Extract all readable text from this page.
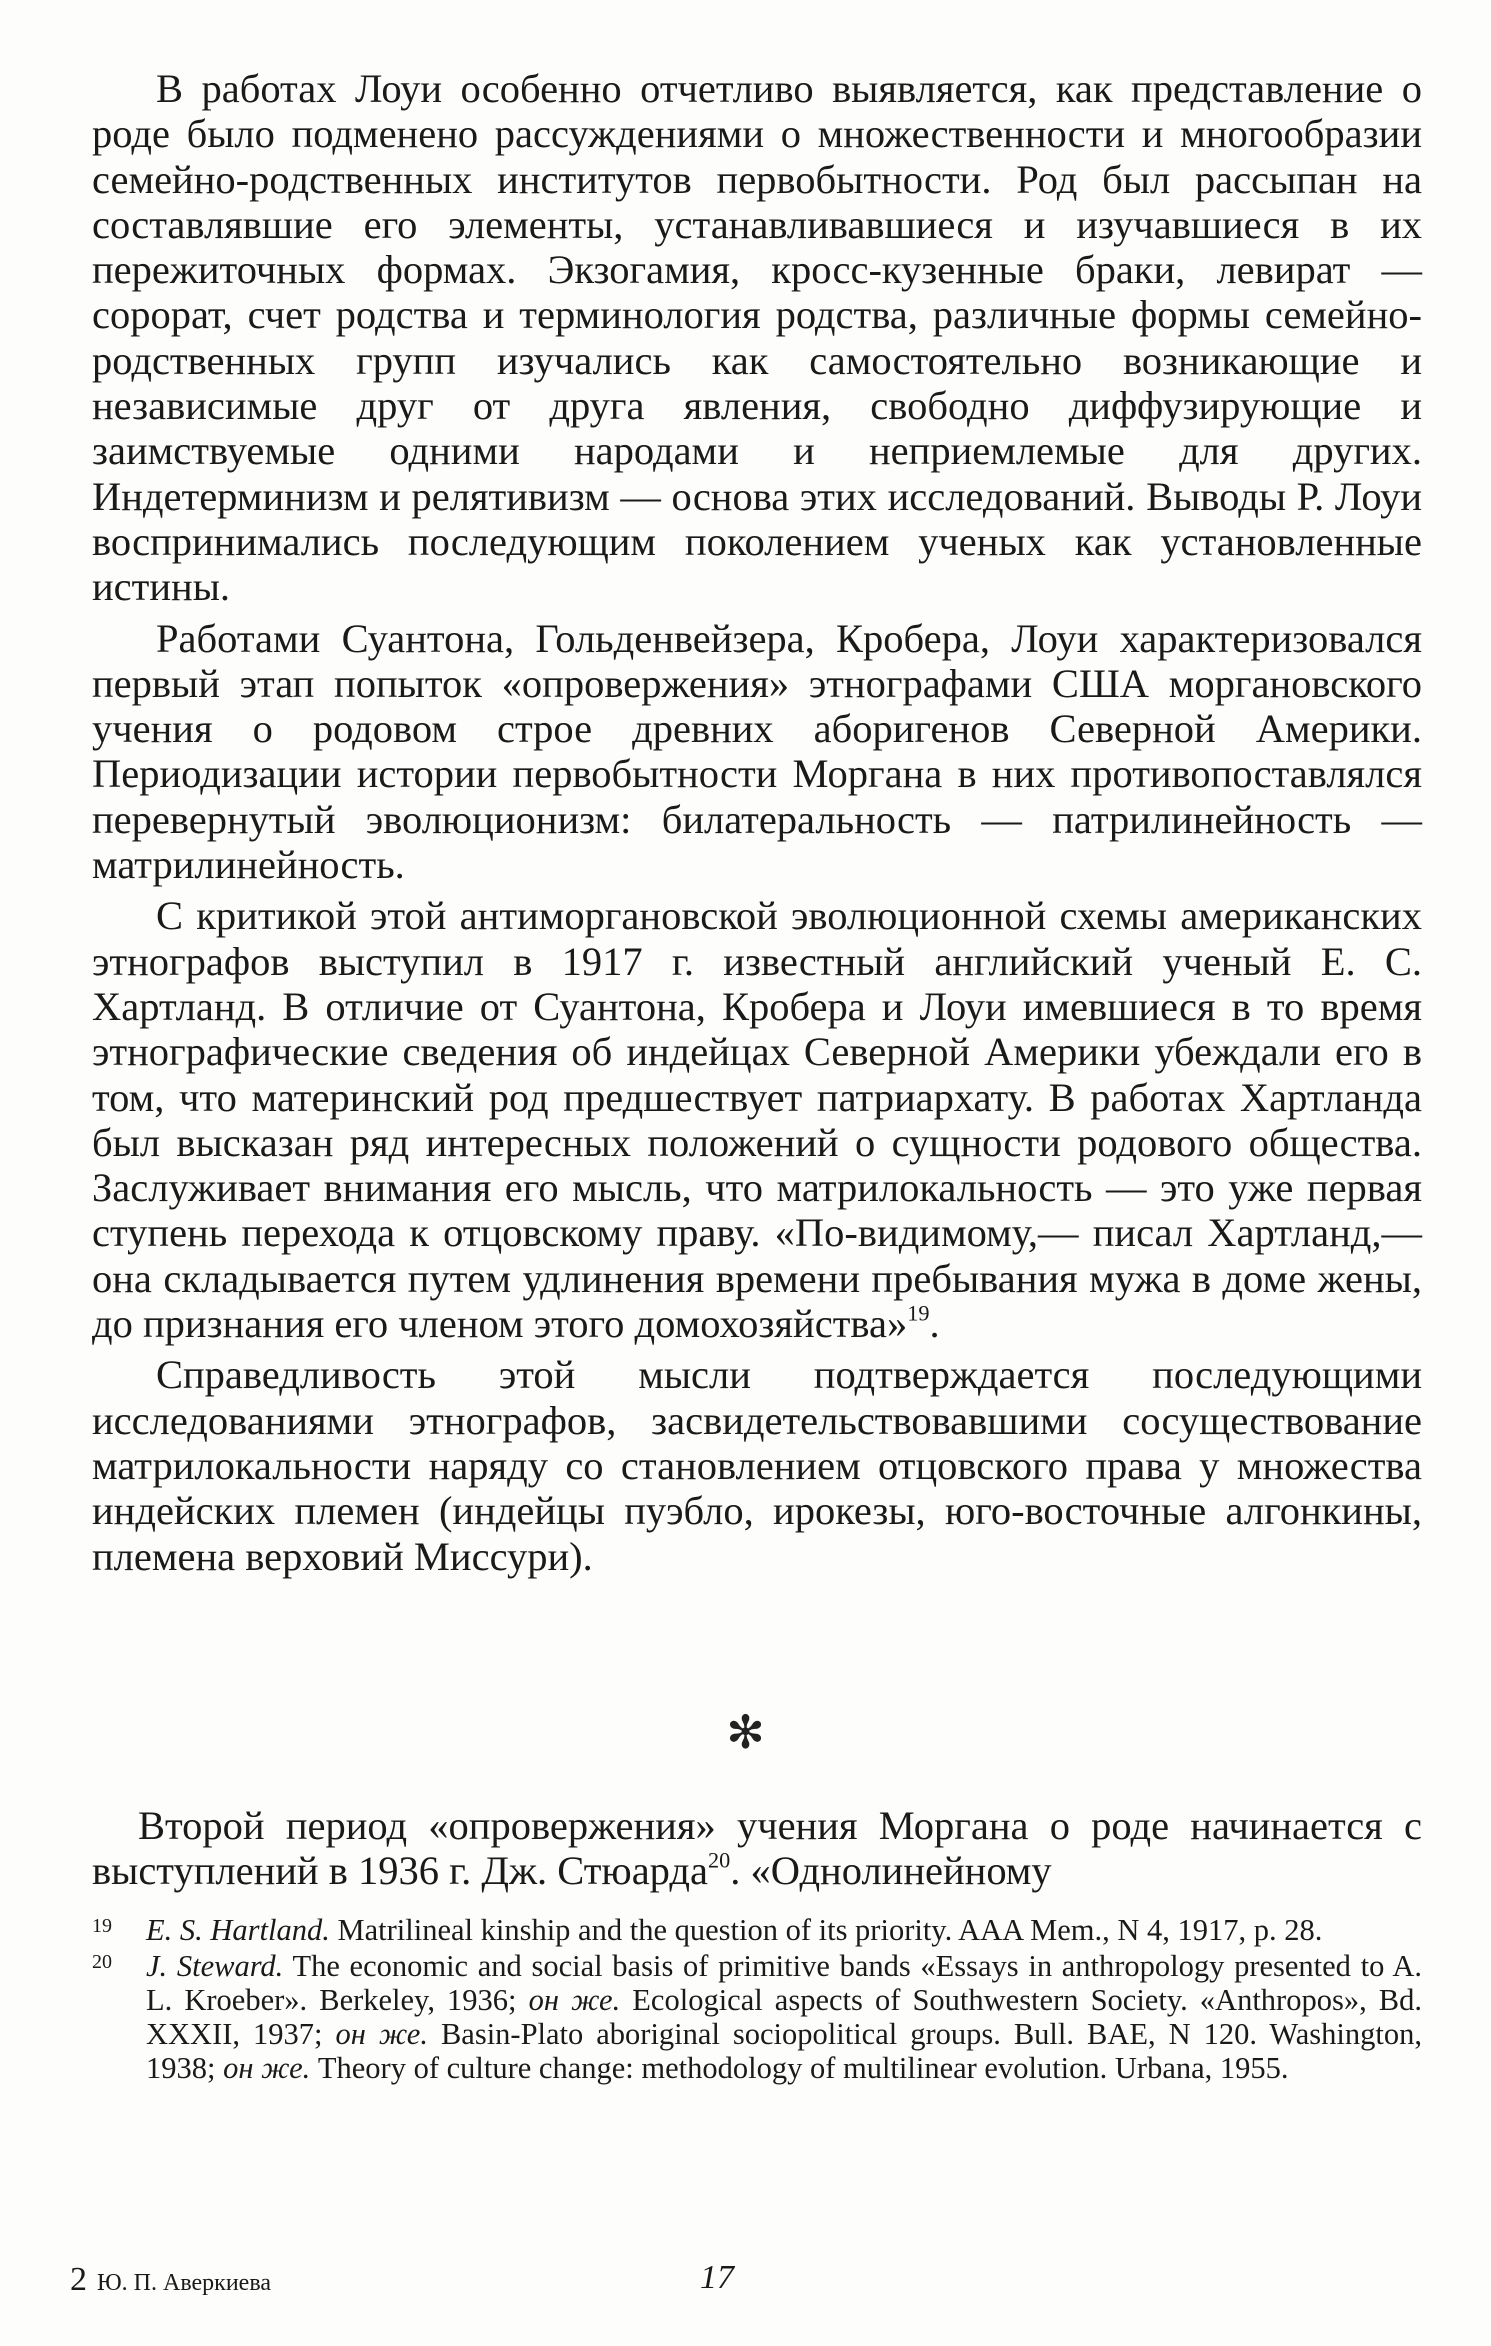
В работах Лоуи особенно отчетливо выявляется, как представление о роде было подменено рассуждениями о множественности и многообразии семейно-родственных институтов первобытности. Род был рассыпан на составлявшие его элементы, устанавливавшиеся и изучавшиеся в их пережиточных формах. Экзогамия, кросс-кузенные браки, левират — сорорат, счет родства и терминология родства, различные формы семейно-родственных групп изучались как самостоятельно возникающие и независимые друг от друга явления, свободно диффузирующие и заимствуемые одними народами и неприемлемые для других. Индетерминизм и релятивизм — основа этих исследований. Выводы Р. Лоуи воспринимались последующим поколением ученых как установленные истины.

Работами Суантона, Гольденвейзера, Кробера, Лоуи характеризовался первый этап попыток «опровержения» этнографами США моргановского учения о родовом строе древних аборигенов Северной Америки. Периодизации истории первобытности Моргана в них противопоставлялся перевернутый эволюционизм: билатеральность — патрилинейность — матрилинейность.

С критикой этой антиморгановской эволюционной схемы американских этнографов выступил в 1917 г. известный английский ученый Е. С. Хартланд. В отличие от Суантона, Кробера и Лоуи имевшиеся в то время этнографические сведения об индейцах Северной Америки убеждали его в том, что материнский род предшествует патриархату. В работах Хартланда был высказан ряд интересных положений о сущности родового общества. Заслуживает внимания его мысль, что матрилокальность — это уже первая ступень перехода к отцовскому праву. «По-видимому,— писал Хартланд,— она складывается путем удлинения времени пребывания мужа в доме жены, до признания его членом этого домохозяйства»$^{19}$.

Справедливость этой мысли подтверждается последующими исследованиями этнографов, засвидетельствовавшими сосуществование матрилокальности наряду со становлением отцовского права у множества индейских племен (индейцы пуэбло, ирокезы, юго-восточные алгонкины, племена верховий Миссури).

✻

Второй период «опровержения» учения Моргана о роде начинается с выступлений в 1936 г. Дж. Стюарда$^{20}$. «Однолинейному

19 E. S. Hartland. Matrilineal kinship and the question of its priority. AAA Mem., N 4, 1917, p. 28.

20 J. Steward. The economic and social basis of primitive bands «Essays in anthropology presented to A. L. Kroeber». Berkeley, 1936; он же. Ecological aspects of Southwestern Society. «Anthropos», Bd. XXXII, 1937; он же. Basin-Plato aboriginal sociopolitical groups. Bull. BAE, N 120. Washington, 1938; он же. Theory of culture change: methodology of multilinear evolution. Urbana, 1955.

2 Ю. П. Аверкиева	17
